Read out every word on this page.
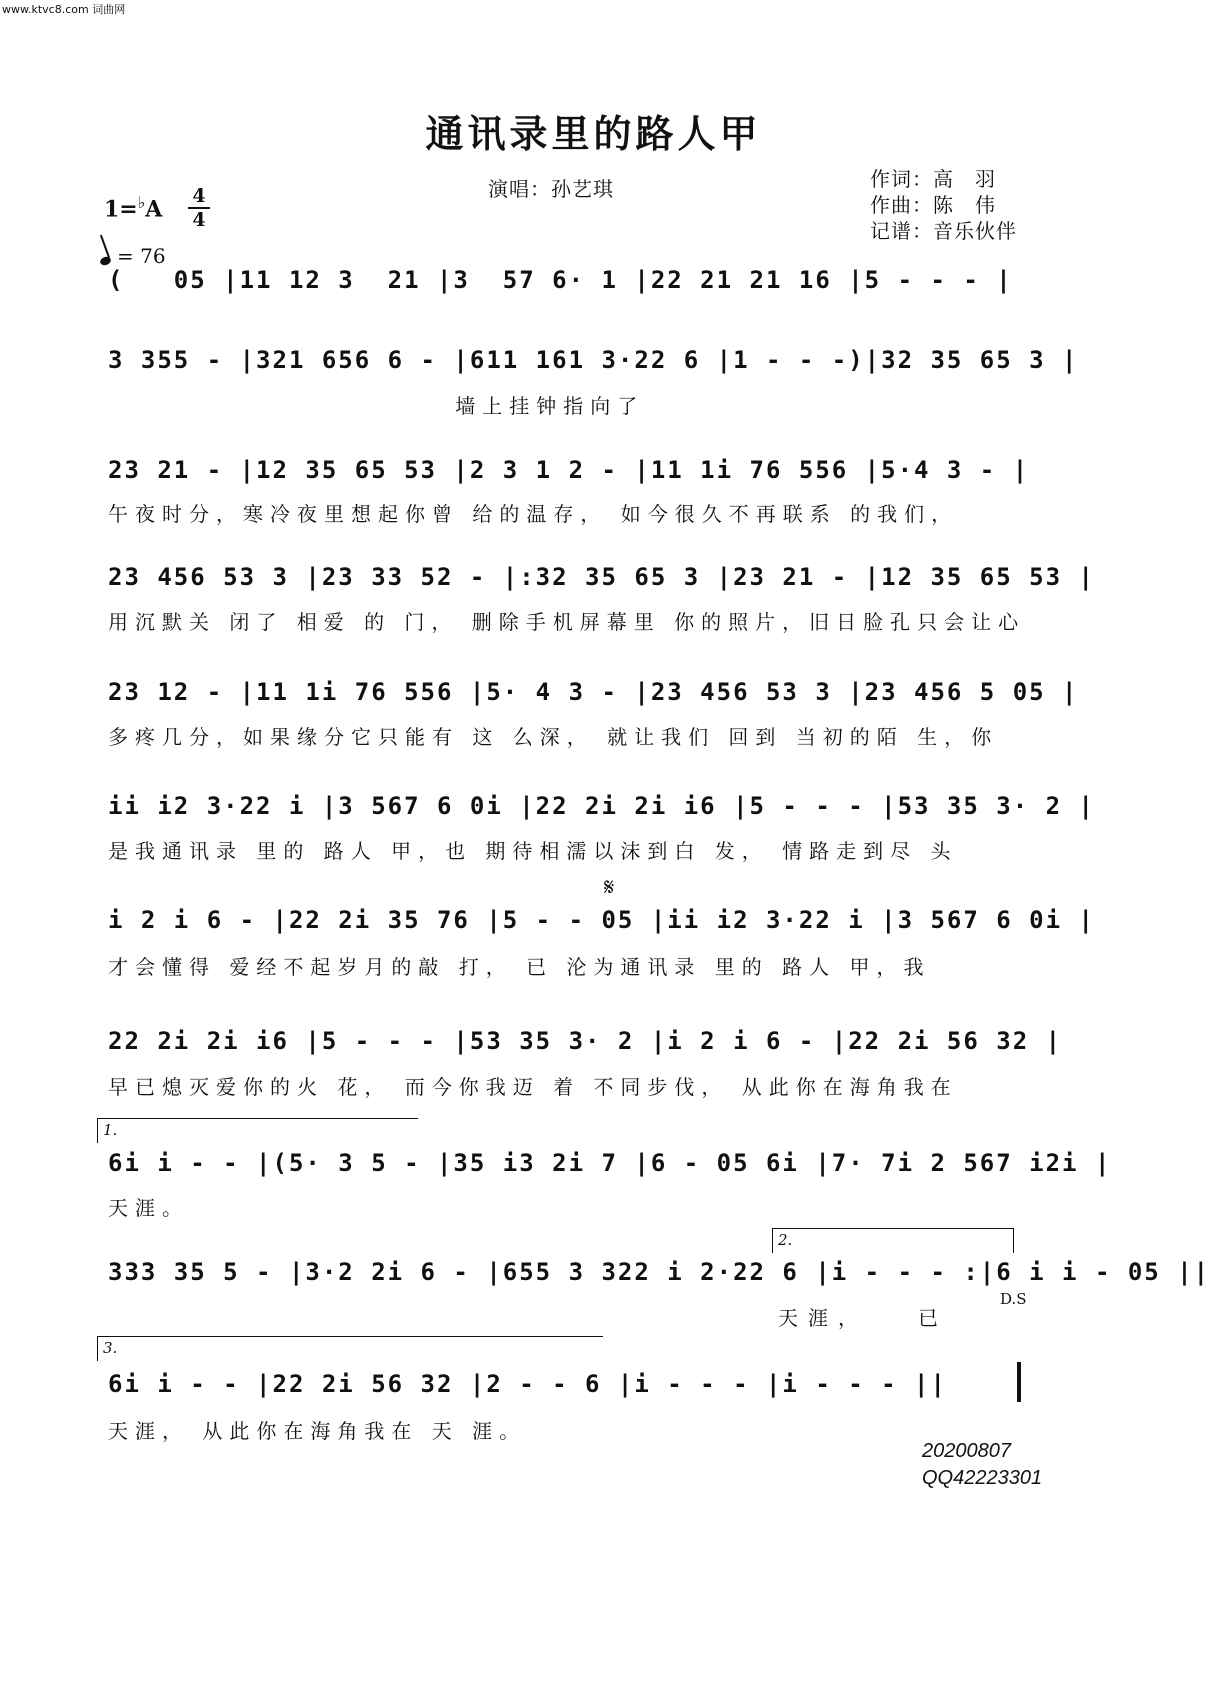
www.ktvc8.com 词曲网
通讯录里的路人甲
演唱：孙艺琪	作词：高　羽
作曲：陈　伟
记谱：音乐伙伴
1=♭A
4
4
= 76
(   05 |11 12 3  21 |3  57 6· 1 |22 21 21 16 |5 - - - |
3 355 - |321 656 6 - |611 161 3·22 6 |1 - - -)|32 35 65 3 |
墙上挂钟指向了
23 21 - |12 35 65 53 |2 3 1 2 - |11 1i 76 556 |5·4 3 - |
午夜时分，寒冷夜里想起你曾 给的温存， 如今很久不再联系 的我们，
23 456 53 3 |23 33 52 - |:32 35 65 3 |23 21 - |12 35 65 53 |
用沉默关 闭了 相爱 的 门， 删除手机屏幕里 你的照片，旧日脸孔只会让心
23 12 - |11 1i 76 556 |5· 4 3 - |23 456 53 3 |23 456 5 05 |
多疼几分，如果缘分它只能有 这 么深， 就让我们 回到 当初的陌 生，你
ii i2 3·22 i |3 567 6 0i |22 2i 2i i6 |5 - - - |53 35 3· 2 |
是我通讯录 里的 路人 甲，也 期待相濡以沫到白 发， 情路走到尽 头
𝄋
i 2 i 6 - |22 2i 35 76 |5 - - 05 |ii i2 3·22 i |3 567 6 0i |
才会懂得 爱经不起岁月的敲 打， 已 沦为通讯录 里的 路人 甲，我
22 2i 2i i6 |5 - - - |53 35 3· 2 |i 2 i 6 - |22 2i 56 32 |
早已熄灭爱你的火 花， 而今你我迈 着 不同步伐， 从此你在海角我在
1.
6i i - - |(5· 3 5 - |35 i3 2i 7 |6 - 05 6i |7· 7i 2 567 i2i |
天涯。
2.
333 35 5 - |3·2 2i 6 - |655 3 322 i 2·22 6 |i - - - :|6 i i - 05 ||
天涯，　　已
D.S
3.
6i i - - |22 2i 56 32 |2 - - 6 |i - - - |i - - - ||
天涯， 从此你在海角我在 天 涯。
20200807
QQ42223301
